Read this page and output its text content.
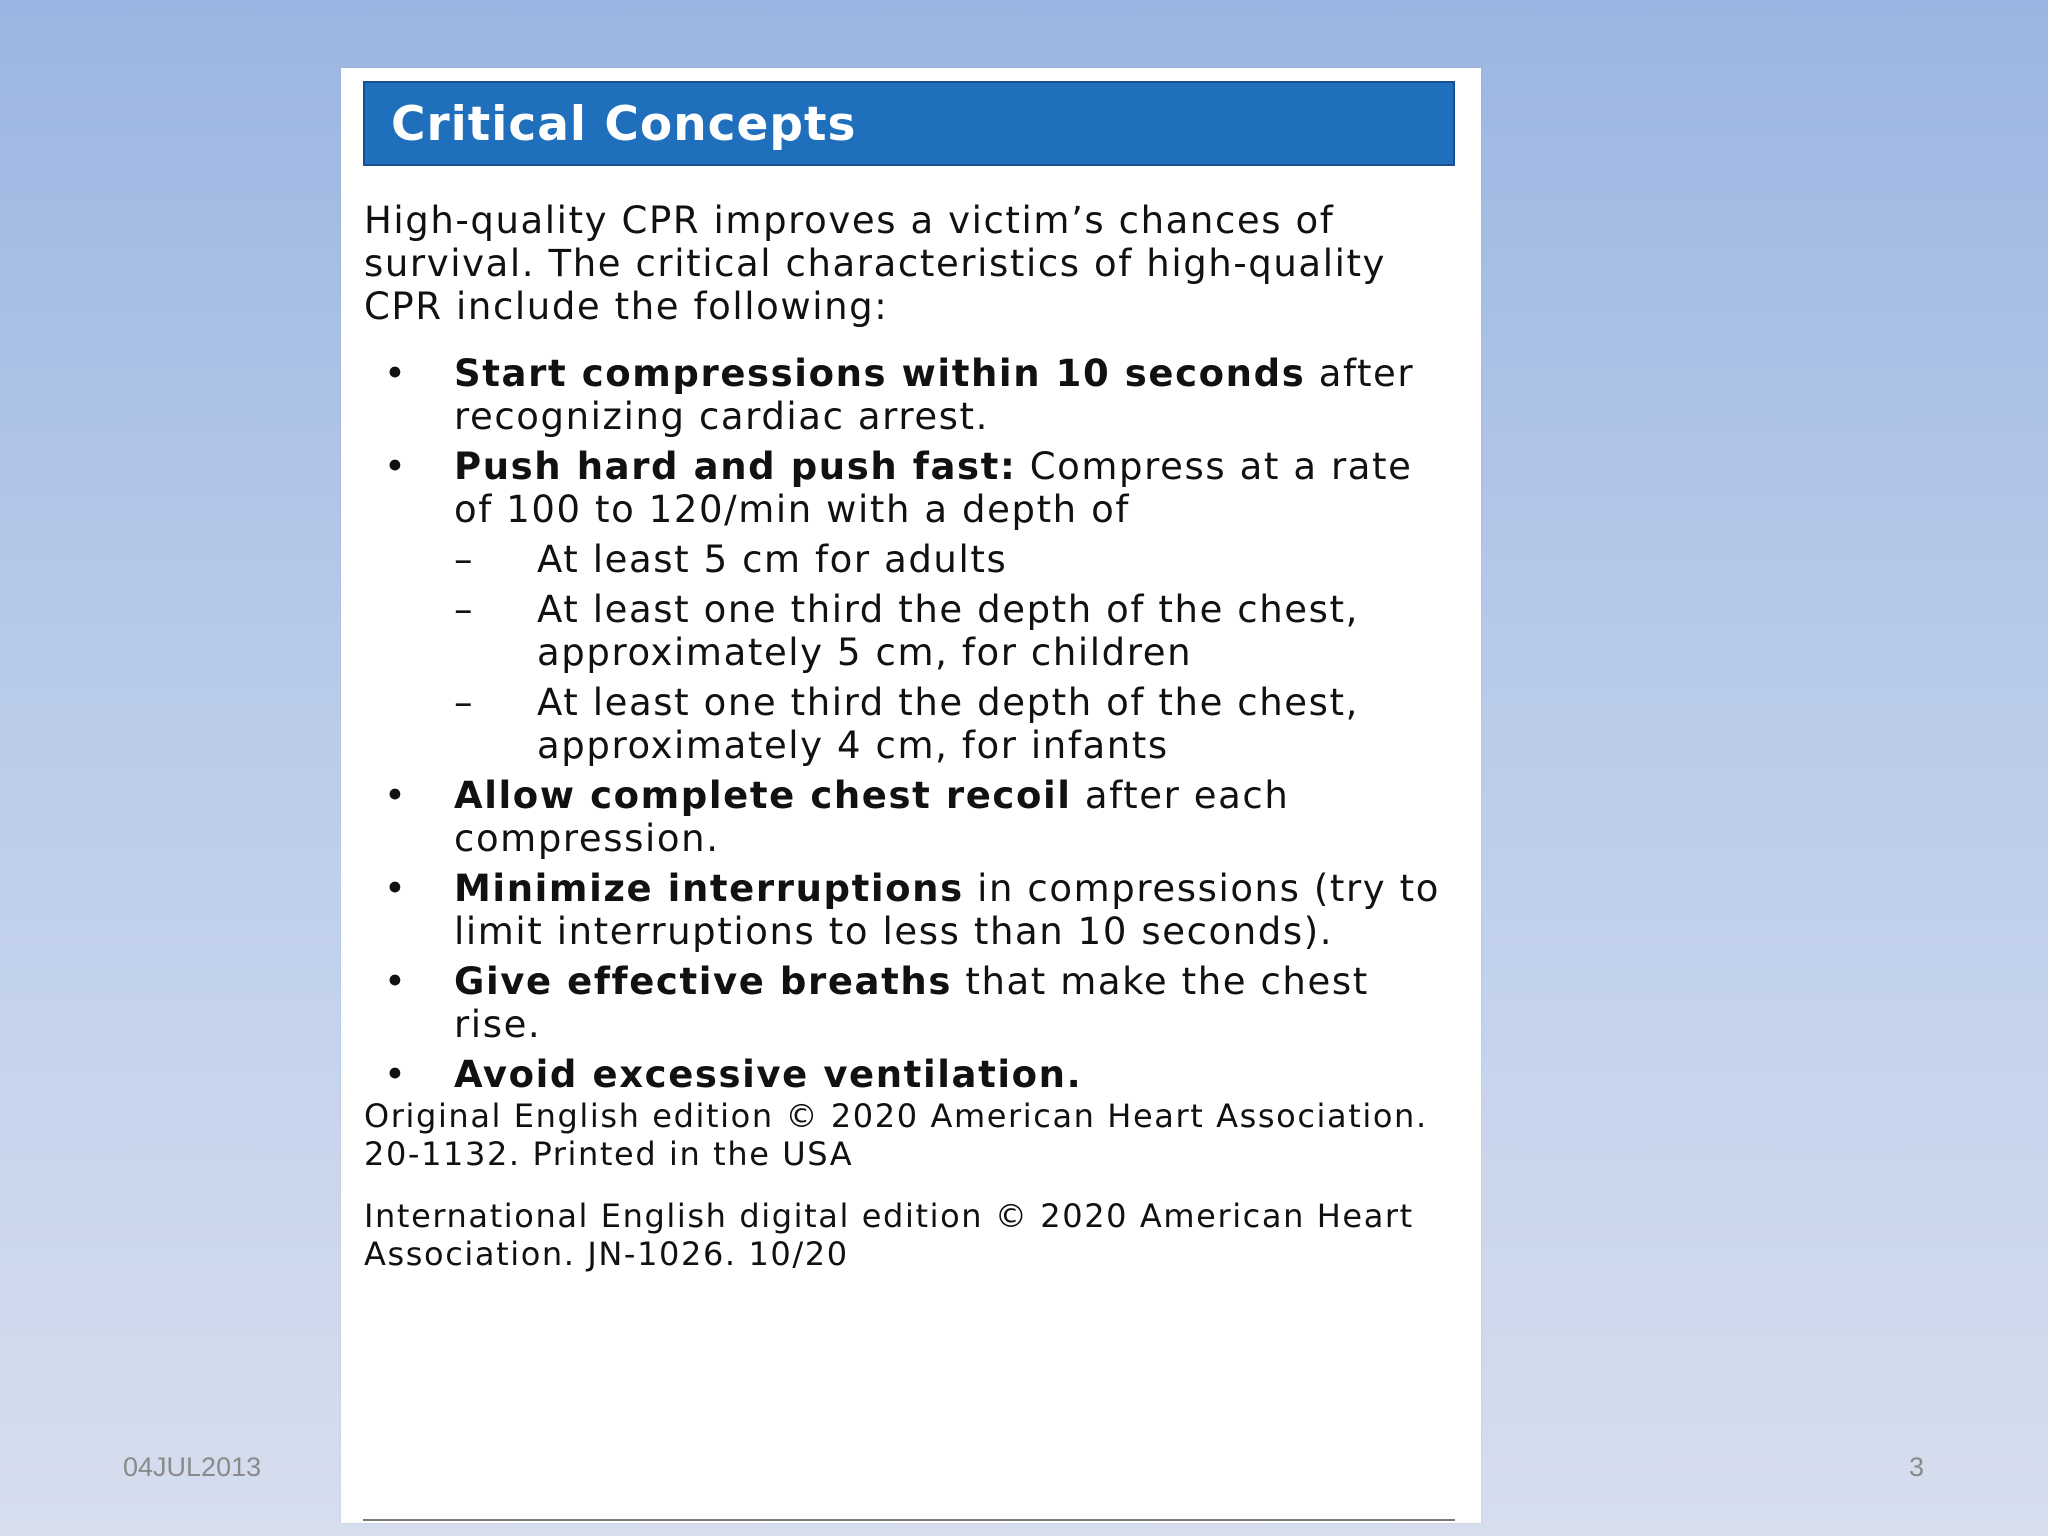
Critical Concepts

High-quality CPR improves a victim’s chances of survival. The critical characteristics of high-quality CPR include the following:

• Start compressions within 10 seconds after recognizing cardiac arrest.
• Push hard and push fast: Compress at a rate of 100 to 120/min with a depth of
– At least 5 cm for adults
– At least one third the depth of the chest, approximately 5 cm, for children
– At least one third the depth of the chest, approximately 4 cm, for infants
• Allow complete chest recoil after each compression.
• Minimize interruptions in compressions (try to limit interruptions to less than 10 seconds).
• Give effective breaths that make the chest rise.
• Avoid excessive ventilation.

Original English edition © 2020 American Heart Association. 20-1132. Printed in the USA

International English digital edition © 2020 American Heart Association. JN-1026. 10/20

04JUL2013	3
